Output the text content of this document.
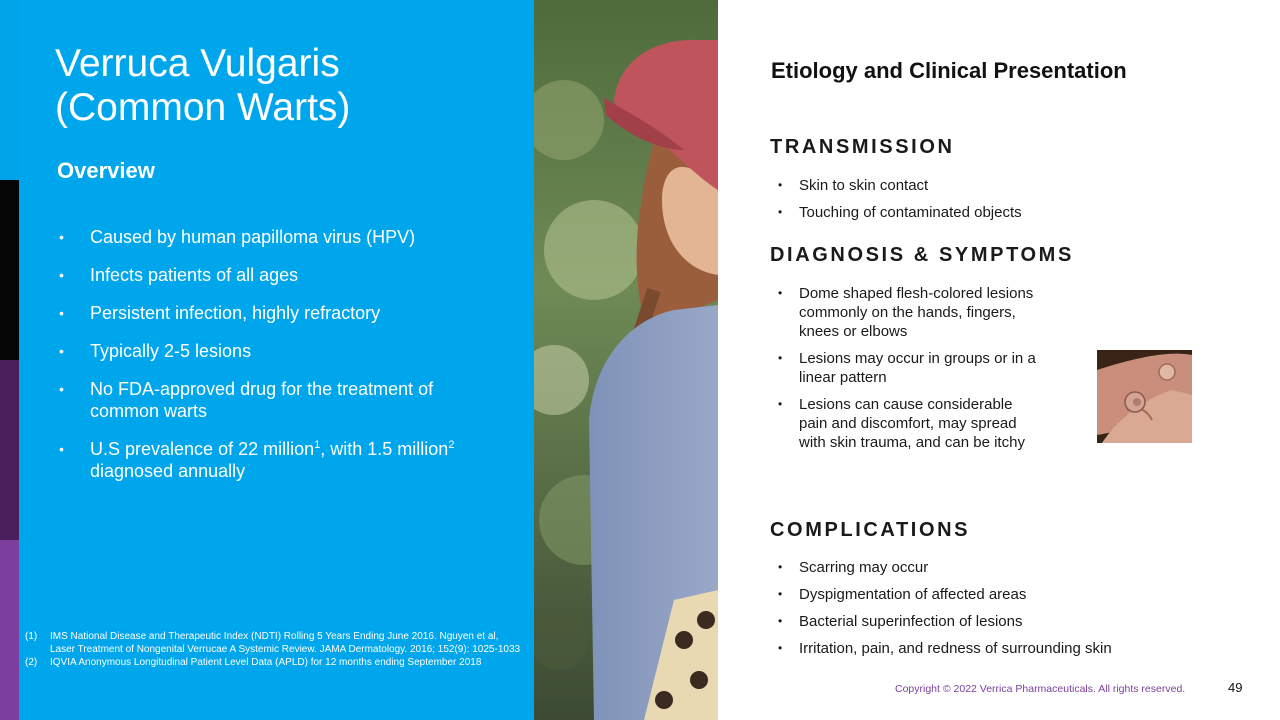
Verruca Vulgaris
(Common Warts)
Overview
• Caused by human papilloma virus (HPV)
• Infects patients of all ages
• Persistent infection, highly refractory
• Typically 2-5 lesions
• No FDA-approved drug for the treatment of common warts
• U.S prevalence of 22 million$^1$, with 1.5 million$^2$ diagnosed annually
(1) IMS National Disease and Therapeutic Index (NDTI) Rolling 5 Years Ending June 2016. Nguyen et al, Laser Treatment of Nongenital Verrucae A Systemic Review. JAMA Dermatology. 2016; 152(9): 1025-1033
(2) IQVIA Anonymous Longitudinal Patient Level Data (APLD) for 12 months ending September 2018
Etiology and Clinical Presentation
TRANSMISSION
• Skin to skin contact
• Touching of contaminated objects
DIAGNOSIS & SYMPTOMS
• Dome shaped flesh-colored lesions commonly on the hands, fingers, knees or elbows
• Lesions may occur in groups or in a linear pattern
• Lesions can cause considerable pain and discomfort, may spread with skin trauma, and can be itchy
COMPLICATIONS
• Scarring may occur
• Dyspigmentation of affected areas
• Bacterial superinfection of lesions
• Irritation, pain, and redness of surrounding skin
Copyright © 2022 Verrica Pharmaceuticals. All rights reserved.	49
